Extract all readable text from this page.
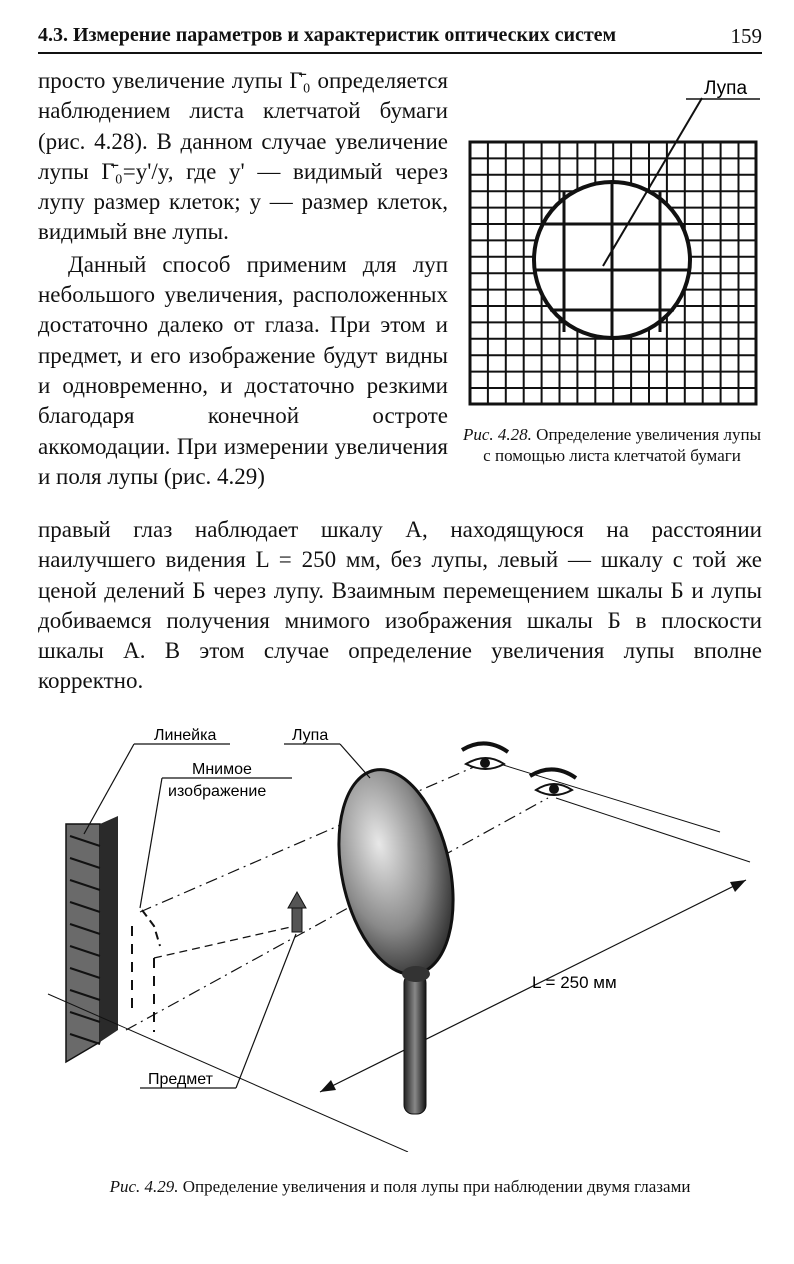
4.3. Измерение параметров и характеристик оптических систем	159

просто увеличение лупы Г̄₀ определяется наблюдением листа клетчатой бумаги (рис. 4.28). В данном случае увеличение лупы Г̄₀=y'/y, где y' — видимый через лупу размер клеток; y — размер клеток, видимый вне лупы.

Данный способ применим для луп небольшого увеличения, расположенных достаточно далеко от глаза. При этом и предмет, и его изображение будут видны и одновременно, и достаточно резкими благодаря конечной остроте аккомодации. При измерении увеличения и поля лупы (рис. 4.29)

правый глаз наблюдает шкалу А, находящуюся на расстоянии наилучшего видения L = 250 мм, без лупы, левый — шкалу с той же ценой делений Б через лупу. Взаимным перемещением шкалы Б и лупы добиваемся получения мнимого изображения шкалы Б в плоскости шкалы А. В этом случае определение увеличения лупы вполне корректно.
Лупа
Рис. 4.28. Определение увеличения лупы с помощью листа клетчатой бумаги
Линейка	Лупа
Мнимое
изображение
Предмет
L = 250 мм
Рис. 4.29. Определение увеличения и поля лупы при наблюдении двумя глазами
